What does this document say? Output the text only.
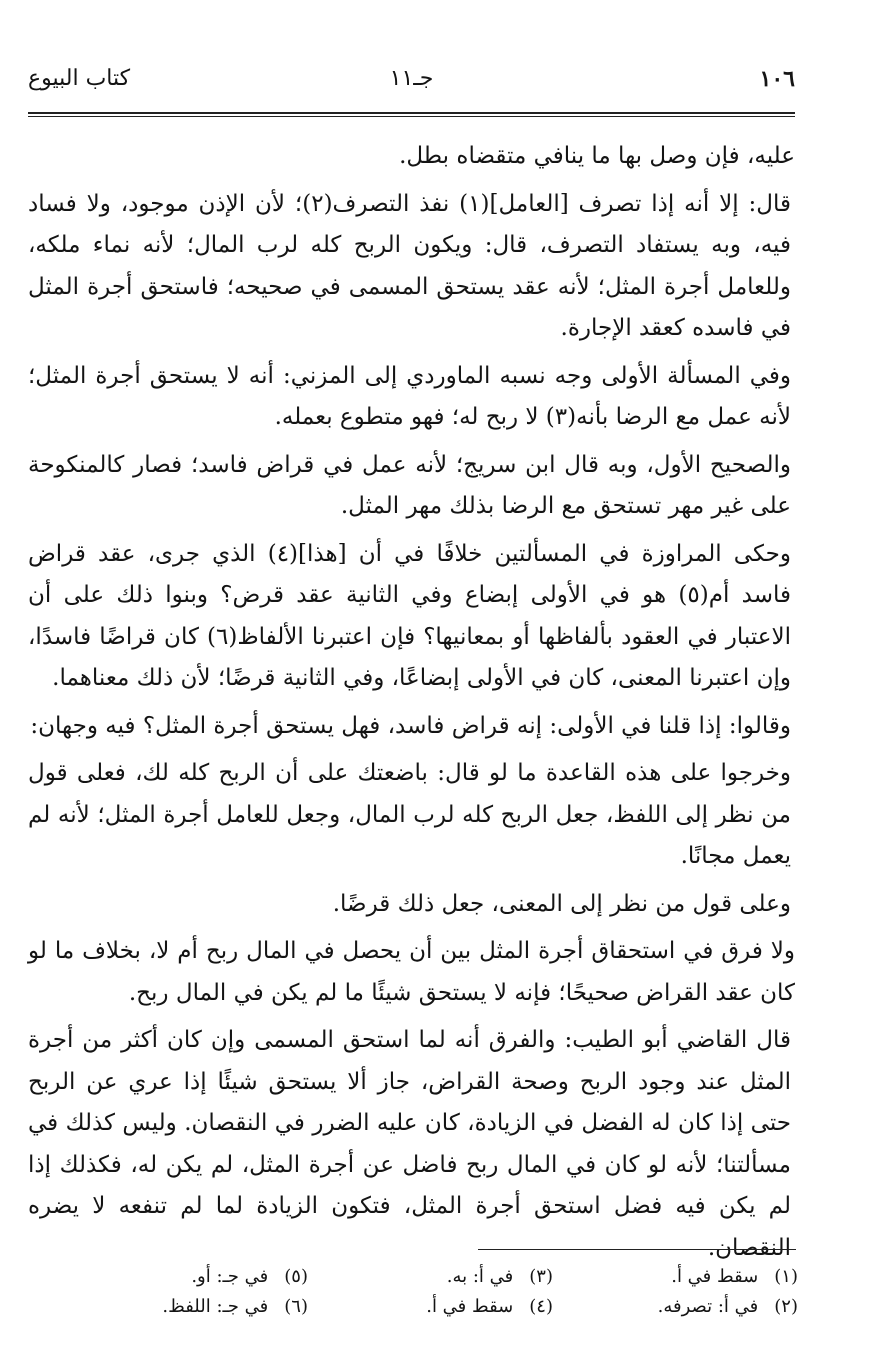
١٠٦
جـ١١
كتاب البيوع

عليه، فإن وصل بها ما ينافي متقضاه بطل.

قال: إلا أنه إذا تصرف [العامل](١) نفذ التصرف(٢)؛ لأن الإذن موجود، ولا فساد فيه، وبه يستفاد التصرف، قال: ويكون الربح كله لرب المال؛ لأنه نماء ملكه، وللعامل أجرة المثل؛ لأنه عقد يستحق المسمى في صحيحه؛ فاستحق أجرة المثل في فاسده كعقد الإجارة.

وفي المسألة الأولى وجه نسبه الماوردي إلى المزني: أنه لا يستحق أجرة المثل؛ لأنه عمل مع الرضا بأنه(٣) لا ربح له؛ فهو متطوع بعمله.

والصحيح الأول، وبه قال ابن سريج؛ لأنه عمل في قراض فاسد؛ فصار كالمنكوحة على غير مهر تستحق مع الرضا بذلك مهر المثل.

وحكى المراوزة في المسألتين خلافًا في أن [هذا](٤) الذي جرى، عقد قراض فاسد أم(٥) هو في الأولى إبضاع وفي الثانية عقد قرض؟ وبنوا ذلك على أن الاعتبار في العقود بألفاظها أو بمعانيها؟ فإن اعتبرنا الألفاظ(٦) كان قراضًا فاسدًا، وإن اعتبرنا المعنى، كان في الأولى إبضاعًا، وفي الثانية قرضًا؛ لأن ذلك معناهما.

وقالوا: إذا قلنا في الأولى: إنه قراض فاسد، فهل يستحق أجرة المثل؟ فيه وجهان:

وخرجوا على هذه القاعدة ما لو قال: باضعتك على أن الربح كله لك، فعلى قول من نظر إلى اللفظ، جعل الربح كله لرب المال، وجعل للعامل أجرة المثل؛ لأنه لم يعمل مجانًا.

وعلى قول من نظر إلى المعنى، جعل ذلك قرضًا.

ولا فرق في استحقاق أجرة المثل بين أن يحصل في المال ربح أم لا، بخلاف ما لو كان عقد القراض صحيحًا؛ فإنه لا يستحق شيئًا ما لم يكن في المال ربح.

قال القاضي أبو الطيب: والفرق أنه لما استحق المسمى وإن كان أكثر من أجرة المثل عند وجود الربح وصحة القراض، جاز ألا يستحق شيئًا إذا عري عن الربح حتى إذا كان له الفضل في الزيادة، كان عليه الضرر في النقصان. وليس كذلك في مسألتنا؛ لأنه لو كان في المال ربح فاضل عن أجرة المثل، لم يكن له، فكذلك إذا لم يكن فيه فضل استحق أجرة المثل، فتكون الزيادة لما لم تنفعه لا يضره النقصان.

(١) سقط في أ.
(٢) في أ: تصرفه.
(٣) في أ: به.
(٤) سقط في أ.
(٥) في جـ: أو.
(٦) في جـ: اللفظ.
